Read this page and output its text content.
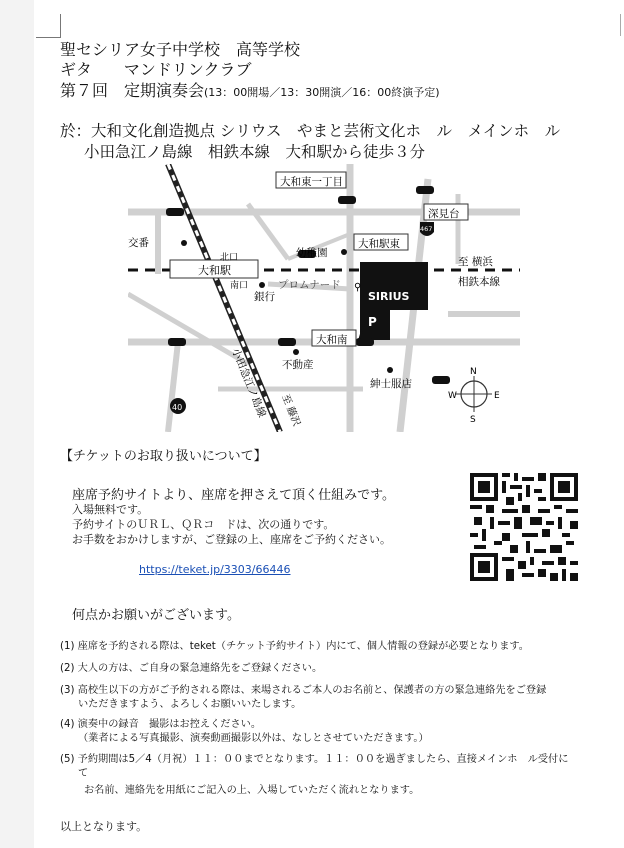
聖セシリア女子中学校　高等学校
ギタ　　マンドリンクラブ
第７回　定期演奏会(13：00開場／13：30開演／16：00終演予定)
於：大和文化創造拠点 シリウス　やまと芸術文化ホ　ル　メインホ　ル
小田急江ノ島線　相鉄本線　大和駅から徒歩３分
大和駅
SIRIUS
P
大和東一丁目
深見台
大和駅東
大和南
交番
北口	幼稚園
至 横浜
相鉄本線
南口	プロムナード
銀行
不動産
紳士服店
小田急江ノ島線 至 藤沢
40
467
⚲
N
S
W	E
【チケットのお取り扱いについて】
座席予約サイトより、座席を押さえて頂く仕組みです。
入場無料です。
予約サイトのＵＲＬ、ＱＲコ　ドは、次の通りです。
お手数をおかけしますが、ご登録の上、座席をご予約ください。
https://teket.jp/3303/66446
何点かお願いがございます。
(1) 座席を予約される際は、teket（チケット予約サイト）内にて、個人情報の登録が必要となります。
(2) 大人の方は、ご自身の緊急連絡先をご登録ください。
(3) 高校生以下の方がご予約される際は、来場されるご本人のお名前と、保護者の方の緊急連絡先をご登録
いただきますよう、よろしくお願いいたします。
(4) 演奏中の録音　撮影はお控えください。
（業者による写真撮影、演奏動画撮影以外は、なしとさせていただきます。）
(5) 予約期間は5／4（月祝）１１：００までとなります。１１：００を過ぎましたら、直接メインホ　ル受付に
て
お名前、連絡先を用紙にご記入の上、入場していただく流れとなります。
以上となります。
